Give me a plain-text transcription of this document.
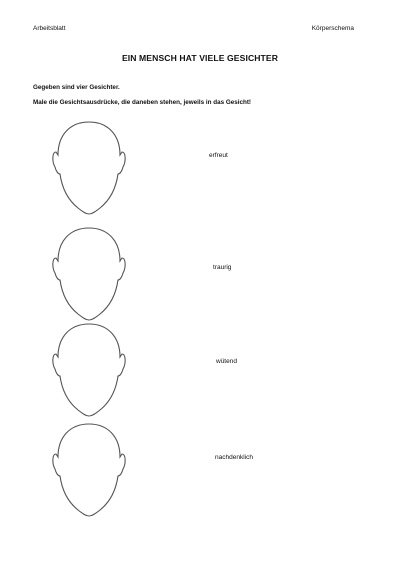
Arbeitsblatt	Körperschema
EIN MENSCH HAT VIELE GESICHTER
Gegeben sind vier Gesichter.
Male die Gesichtsausdrücke, die daneben stehen, jeweils in das Gesicht!
erfreut
traurig
wütend
nachdenklich
